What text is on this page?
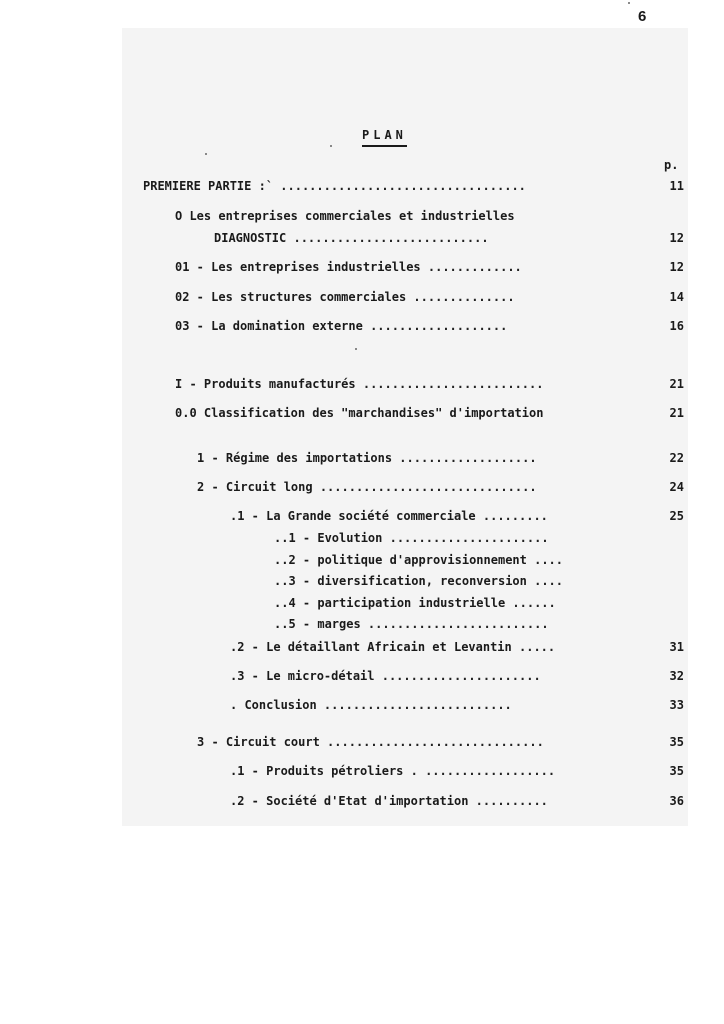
6
PLAN
p.
PREMIERE PARTIE :` ..................................	11
O Les entreprises commerciales et industrielles
DIAGNOSTIC ...........................	12
01 - Les entreprises industrielles .............	12
02 - Les structures commerciales ..............	14
03 - La domination externe ...................	16
I - Produits manufacturés .........................	21
0.0 Classification des "marchandises" d'importation	21
1 - Régime des importations ...................	22
2 - Circuit long ..............................	24
.1 - La Grande société commerciale .........	25
..1 - Evolution ......................
..2 - politique d'approvisionnement ....
..3 - diversification, reconversion ....
..4 - participation industrielle ......
..5 - marges .........................
.2 - Le détaillant Africain et Levantin .....	31
.3 - Le micro-détail ......................	32
. Conclusion ..........................	33
3 - Circuit court ..............................	35
.1 - Produits pétroliers . ..................	35
.2 - Société d'Etat d'importation ..........	36
